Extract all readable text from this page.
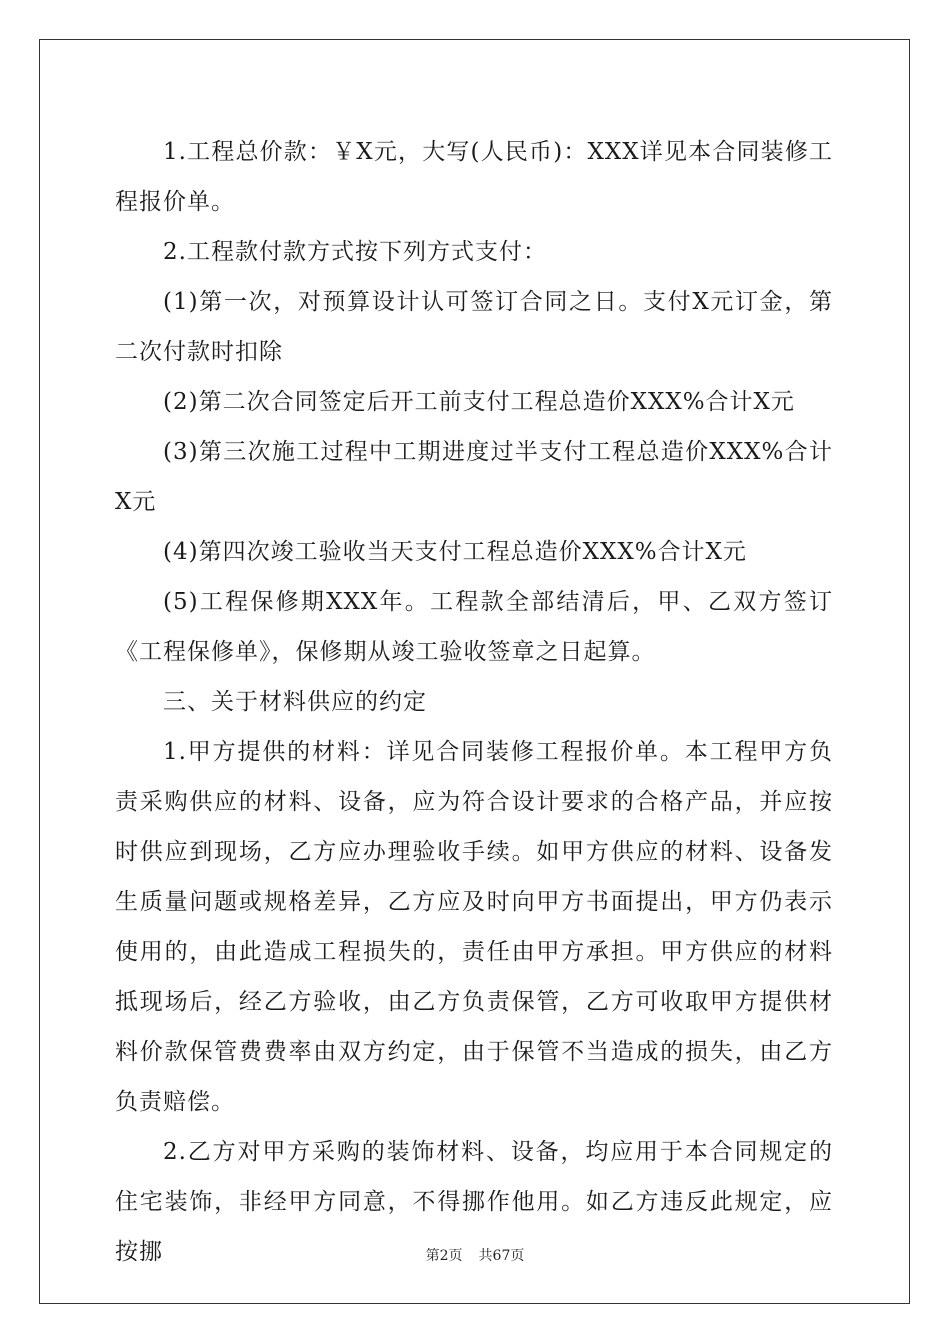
1.工程总价款：￥X元，大写(人民币)：XXX详见本合同装修工程报价单。

2.工程款付款方式按下列方式支付：

(1)第一次，对预算设计认可签订合同之日。支付X元订金，第二次付款时扣除

(2)第二次合同签定后开工前支付工程总造价XXX%合计X元

(3)第三次施工过程中工期进度过半支付工程总造价XXX%合计X元

(4)第四次竣工验收当天支付工程总造价XXX%合计X元

(5)工程保修期XXX年。工程款全部结清后，甲、乙双方签订《工程保修单》，保修期从竣工验收签章之日起算。

三、关于材料供应的约定

1.甲方提供的材料：详见合同装修工程报价单。本工程甲方负责采购供应的材料、设备，应为符合设计要求的合格产品，并应按时供应到现场，乙方应办理验收手续。如甲方供应的材料、设备发生质量问题或规格差异，乙方应及时向甲方书面提出，甲方仍表示使用的，由此造成工程损失的，责任由甲方承担。甲方供应的材料抵现场后，经乙方验收，由乙方负责保管，乙方可收取甲方提供材料价款保管费费率由双方约定，由于保管不当造成的损失，由乙方负责赔偿。

2.乙方对甲方采购的装饰材料、设备，均应用于本合同规定的住宅装饰，非经甲方同意，不得挪作他用。如乙方违反此规定，应按挪	第2页 共67页
